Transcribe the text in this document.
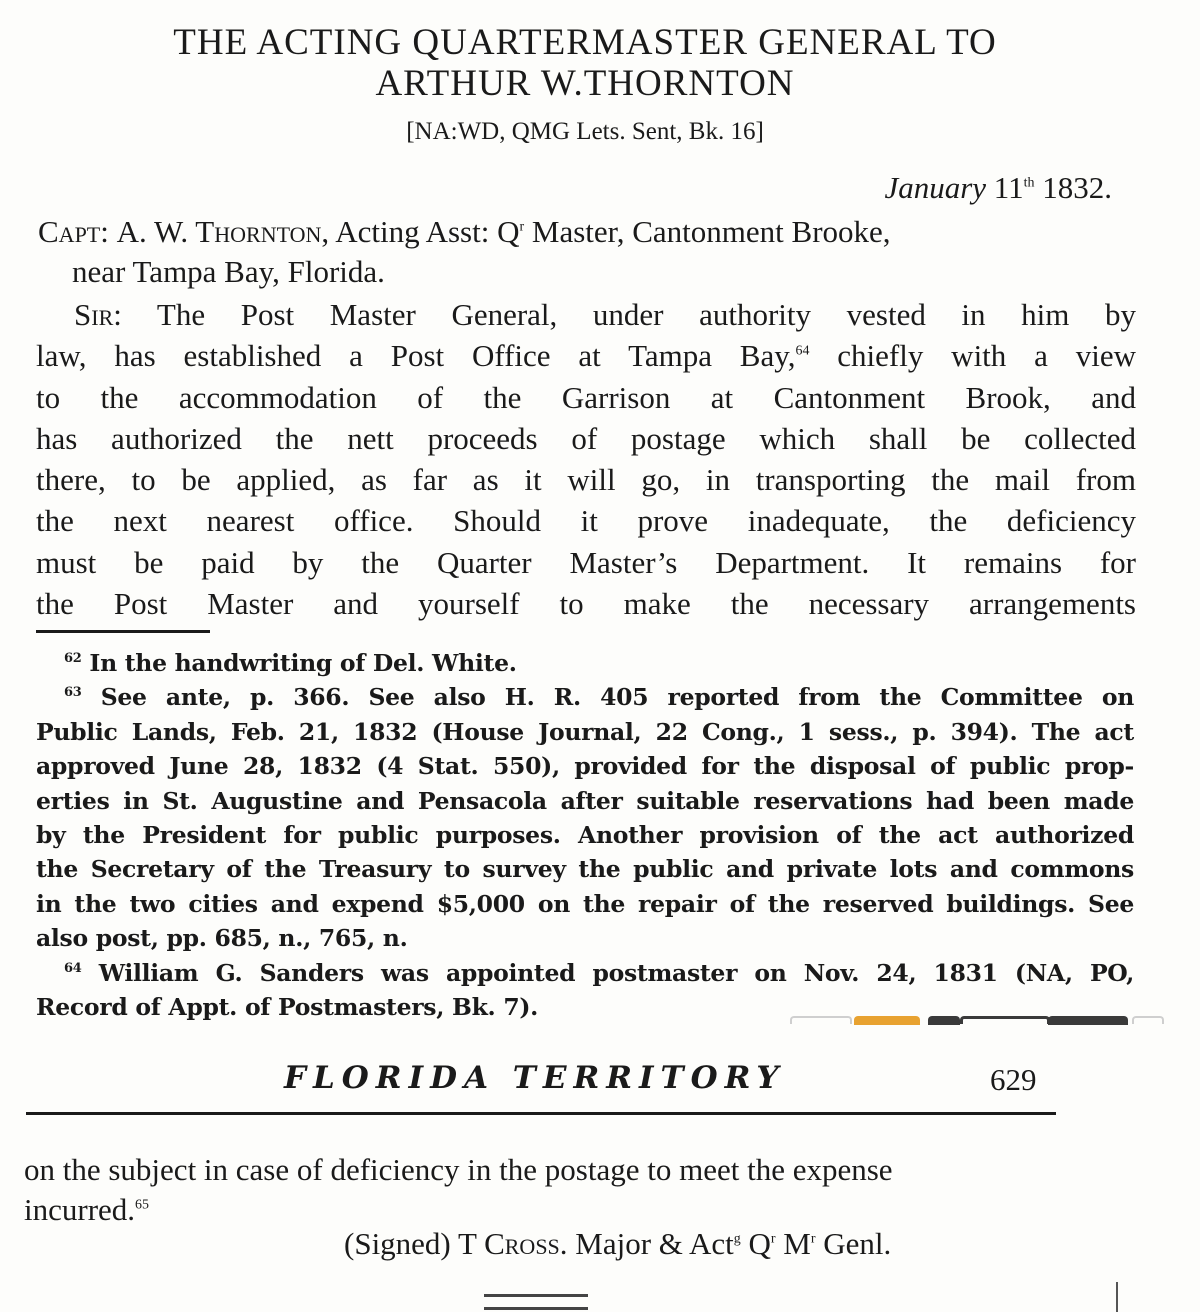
THE ACTING QUARTERMASTER GENERAL TO
ARTHUR W.THORNTON
[NA:WD, QMG Lets. Sent, Bk. 16]
January 11th 1832.
Capt: A. W. Thornton, Acting Asst: $Q^r$ Master, Cantonment Brooke,
near Tampa Bay, Florida.
Sir: The Post Master General, under authority vested in him by
law, has established a Post Office at Tampa Bay,$^{64}$ chiefly with a view
to the accommodation of the Garrison at Cantonment Brook, and
has authorized the nett proceeds of postage which shall be collected
there, to be applied, as far as it will go, in transporting the mail from
the next nearest office. Should it prove inadequate, the deficiency
must be paid by the Quarter Master’s Department. It remains for
the Post Master and yourself to make the necessary arrangements
$^{62}$ In the handwriting of Del. White.
$^{63}$ See ante, p. 366. See also H. R. 405 reported from the Committee on
Public Lands, Feb. 21, 1832 (House Journal, 22 Cong., 1 sess., p. 394). The act
approved June 28, 1832 (4 Stat. 550), provided for the disposal of public prop-
erties in St. Augustine and Pensacola after suitable reservations had been made
by the President for public purposes. Another provision of the act authorized
the Secretary of the Treasury to survey the public and private lots and commons
in the two cities and expend $5,000 on the repair of the reserved buildings. See
also post, pp. 685, n., 765, n.
$^{64}$ William G. Sanders was appointed postmaster on Nov. 24, 1831 (NA, PO,
Record of Appt. of Postmasters, Bk. 7).
FLORIDA TERRITORY	629
on the subject in case of deficiency in the postage to meet the expense
incurred.$^{65}$
(Signed) T Cross. Major & Act$^g$ $Q^r$ $M^r$ Genl.
